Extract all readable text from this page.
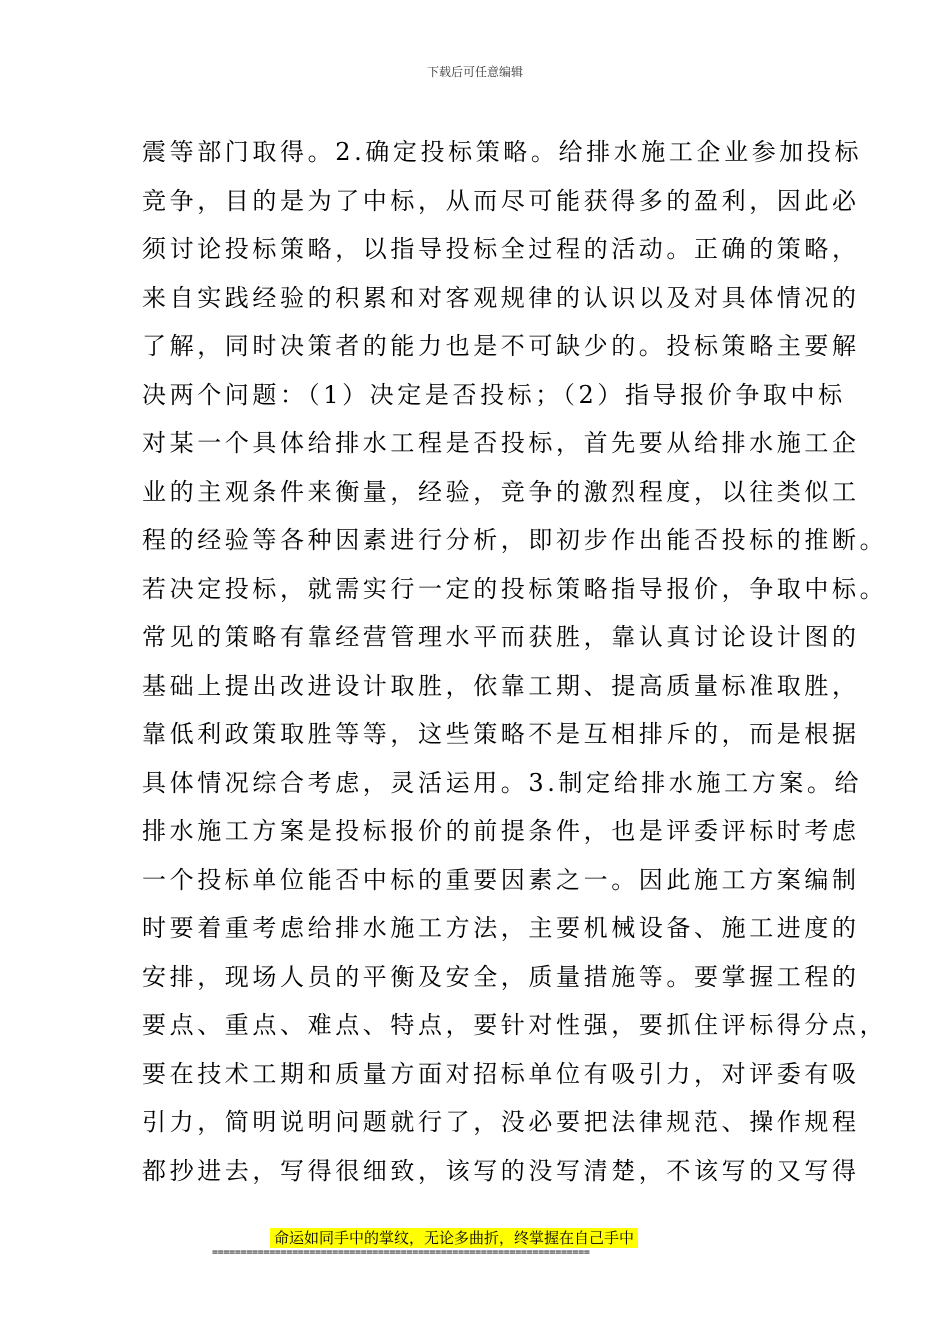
下载后可任意编辑
震等部门取得。2.确定投标策略。给排水施工企业参加投标
竞争，目的是为了中标，从而尽可能获得多的盈利，因此必
须讨论投标策略，以指导投标全过程的活动。正确的策略，
来自实践经验的积累和对客观规律的认识以及对具体情况的
了解，同时决策者的能力也是不可缺少的。投标策略主要解
决两个问题：（1）决定是否投标；（2）指导报价争取中标
对某一个具体给排水工程是否投标，首先要从给排水施工企
业的主观条件来衡量，经验，竞争的激烈程度，以往类似工
程的经验等各种因素进行分析，即初步作出能否投标的推断。
若决定投标，就需实行一定的投标策略指导报价，争取中标。
常见的策略有靠经营管理水平而获胜，靠认真讨论设计图的
基础上提出改进设计取胜，依靠工期、提高质量标准取胜，
靠低利政策取胜等等，这些策略不是互相排斥的，而是根据
具体情况综合考虑，灵活运用。3.制定给排水施工方案。给
排水施工方案是投标报价的前提条件，也是评委评标时考虑
一个投标单位能否中标的重要因素之一。因此施工方案编制
时要着重考虑给排水施工方法，主要机械设备、施工进度的
安排，现场人员的平衡及安全，质量措施等。要掌握工程的
要点、重点、难点、特点，要针对性强，要抓住评标得分点，
要在技术工期和质量方面对招标单位有吸引力，对评委有吸
引力，简明说明问题就行了，没必要把法律规范、操作规程
都抄进去，写得很细致，该写的没写清楚，不该写的又写得
命运如同手中的掌纹，无论多曲折，终掌握在自己手中
==================================================================
